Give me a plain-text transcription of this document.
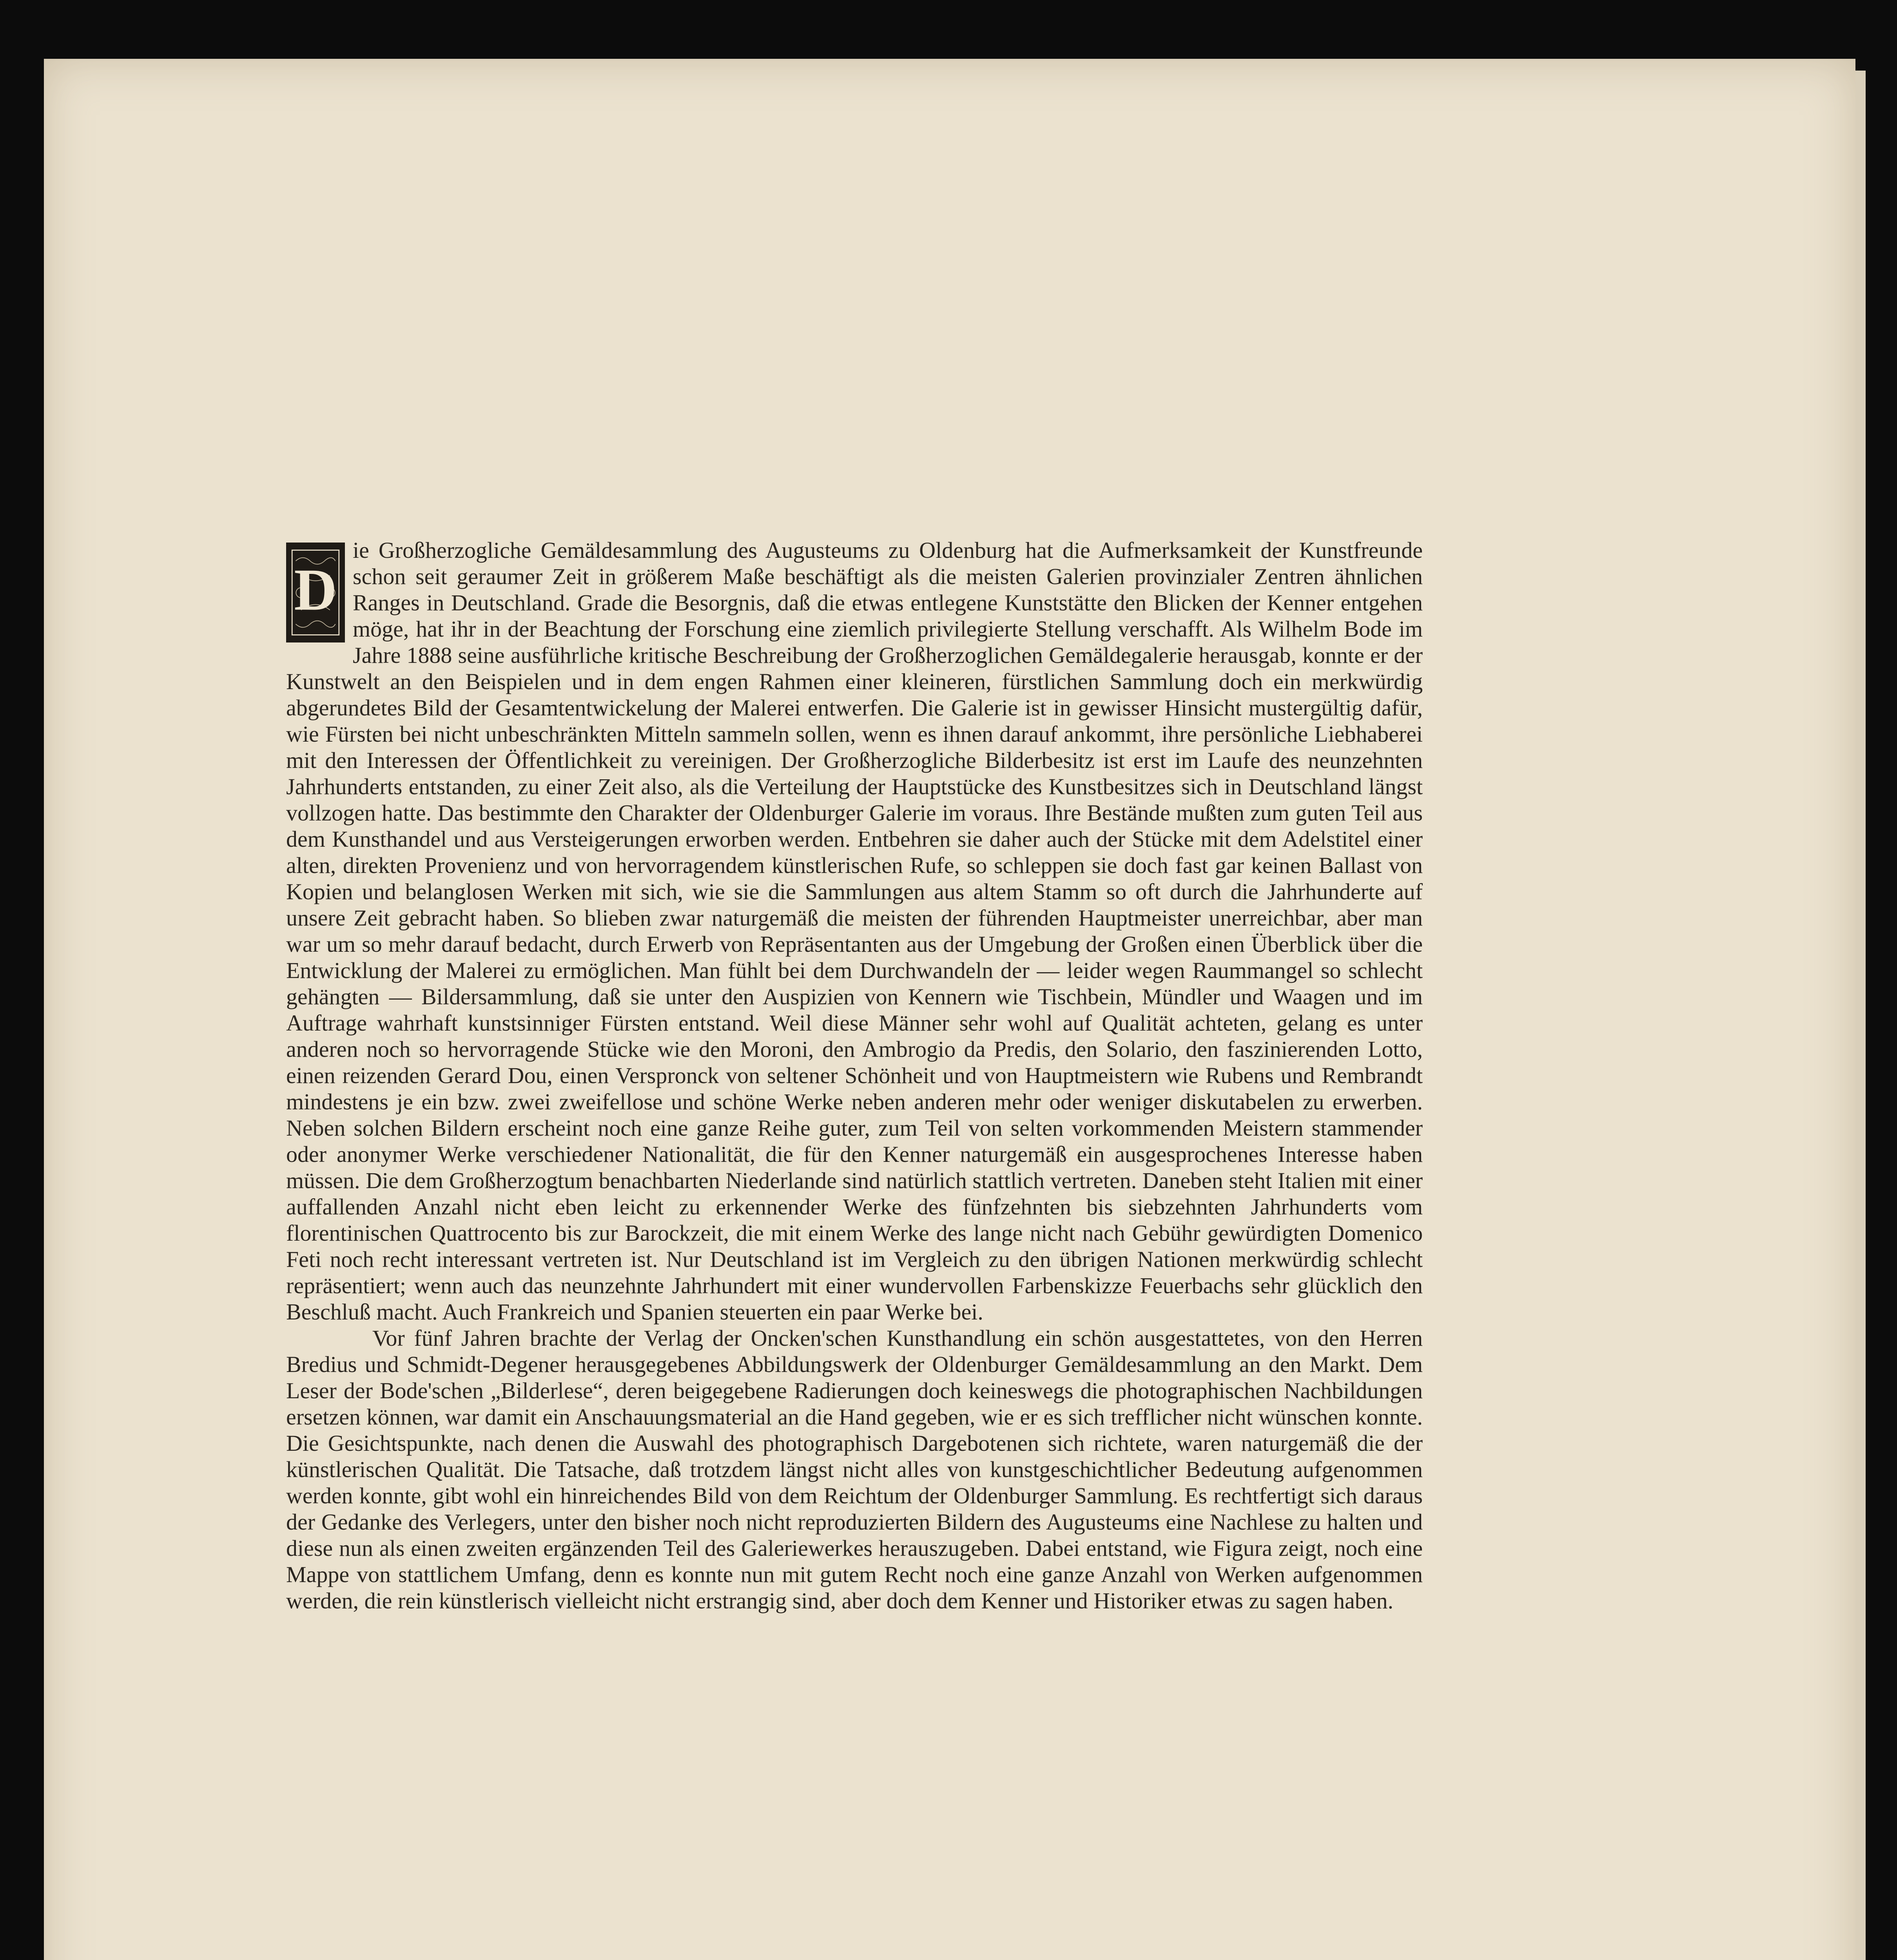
D
ie Großherzogliche Gemäldesammlung des Augusteums zu Oldenburg hat die Aufmerksamkeit der Kunstfreunde schon seit geraumer Zeit in größerem Maße beschäftigt als die meisten Galerien provinzialer Zentren ähnlichen Ranges in Deutschland. Grade die Besorgnis, daß die etwas entlegene Kunststätte den Blicken der Kenner entgehen möge, hat ihr in der Beachtung der Forschung eine ziemlich privilegierte Stellung verschafft. Als Wilhelm Bode im Jahre 1888 seine ausführliche kritische Beschreibung der Großherzoglichen Gemäldegalerie herausgab, konnte er der Kunstwelt an den Beispielen und in dem engen Rahmen einer kleineren, fürstlichen Sammlung doch ein merkwürdig abgerundetes Bild der Gesamtentwickelung der Malerei entwerfen. Die Galerie ist in gewisser Hinsicht mustergültig dafür, wie Fürsten bei nicht unbeschränkten Mitteln sammeln sollen, wenn es ihnen darauf ankommt, ihre persönliche Liebhaberei mit den Interessen der Öffentlichkeit zu vereinigen. Der Großherzogliche Bilderbesitz ist erst im Laufe des neunzehnten Jahrhunderts entstanden, zu einer Zeit also, als die Verteilung der Hauptstücke des Kunstbesitzes sich in Deutschland längst vollzogen hatte. Das bestimmte den Charakter der Oldenburger Galerie im voraus. Ihre Bestände mußten zum guten Teil aus dem Kunsthandel und aus Versteigerungen erworben werden. Entbehren sie daher auch der Stücke mit dem Adelstitel einer alten, direkten Provenienz und von hervorragendem künstlerischen Rufe, so schleppen sie doch fast gar keinen Ballast von Kopien und belanglosen Werken mit sich, wie sie die Sammlungen aus altem Stamm so oft durch die Jahrhunderte auf unsere Zeit gebracht haben. So blieben zwar naturgemäß die meisten der führenden Hauptmeister unerreichbar, aber man war um so mehr darauf bedacht, durch Erwerb von Repräsentanten aus der Umgebung der Großen einen Überblick über die Entwicklung der Malerei zu ermöglichen. Man fühlt bei dem Durchwandeln der — leider wegen Raummangel so schlecht gehängten — Bildersammlung, daß sie unter den Auspizien von Kennern wie Tischbein, Mündler und Waagen und im Auftrage wahrhaft kunstsinniger Fürsten entstand. Weil diese Männer sehr wohl auf Qualität achteten, gelang es unter anderen noch so hervorragende Stücke wie den Moroni, den Ambrogio da Predis, den Solario, den faszinierenden Lotto, einen reizenden Gerard Dou, einen Verspronck von seltener Schönheit und von Hauptmeistern wie Rubens und Rembrandt mindestens je ein bzw. zwei zweifellose und schöne Werke neben anderen mehr oder weniger diskutabelen zu erwerben. Neben solchen Bildern erscheint noch eine ganze Reihe guter, zum Teil von selten vorkommenden Meistern stammender oder anonymer Werke verschiedener Nationalität, die für den Kenner naturgemäß ein ausgesprochenes Interesse haben müssen. Die dem Großherzogtum benachbarten Niederlande sind natürlich stattlich vertreten. Daneben steht Italien mit einer auffallenden Anzahl nicht eben leicht zu erkennender Werke des fünfzehnten bis siebzehnten Jahrhunderts vom florentinischen Quattrocento bis zur Barockzeit, die mit einem Werke des lange nicht nach Gebühr gewürdigten Domenico Feti noch recht interessant vertreten ist. Nur Deutschland ist im Vergleich zu den übrigen Nationen merkwürdig schlecht repräsentiert; wenn auch das neunzehnte Jahrhundert mit einer wundervollen Farbenskizze Feuerbachs sehr glücklich den Beschluß macht. Auch Frankreich und Spanien steuerten ein paar Werke bei.

Vor fünf Jahren brachte der Verlag der Oncken'schen Kunsthandlung ein schön ausgestattetes, von den Herren Bredius und Schmidt-Degener herausgegebenes Abbildungswerk der Oldenburger Gemäldesammlung an den Markt. Dem Leser der Bode'schen „Bilderlese“, deren beigegebene Radierungen doch keineswegs die photographischen Nachbildungen ersetzen können, war damit ein Anschauungsmaterial an die Hand gegeben, wie er es sich trefflicher nicht wünschen konnte. Die Gesichtspunkte, nach denen die Auswahl des photographisch Dargebotenen sich richtete, waren naturgemäß die der künstlerischen Qualität. Die Tatsache, daß trotzdem längst nicht alles von kunstgeschichtlicher Bedeutung aufgenommen werden konnte, gibt wohl ein hinreichendes Bild von dem Reichtum der Oldenburger Sammlung. Es rechtfertigt sich daraus der Gedanke des Verlegers, unter den bisher noch nicht reproduzierten Bildern des Augusteums eine Nachlese zu halten und diese nun als einen zweiten ergänzenden Teil des Galeriewerkes herauszugeben. Dabei entstand, wie Figura zeigt, noch eine Mappe von stattlichem Umfang, denn es konnte nun mit gutem Recht noch eine ganze Anzahl von Werken aufgenommen werden, die rein künstlerisch vielleicht nicht erstrangig sind, aber doch dem Kenner und Historiker etwas zu sagen haben.
